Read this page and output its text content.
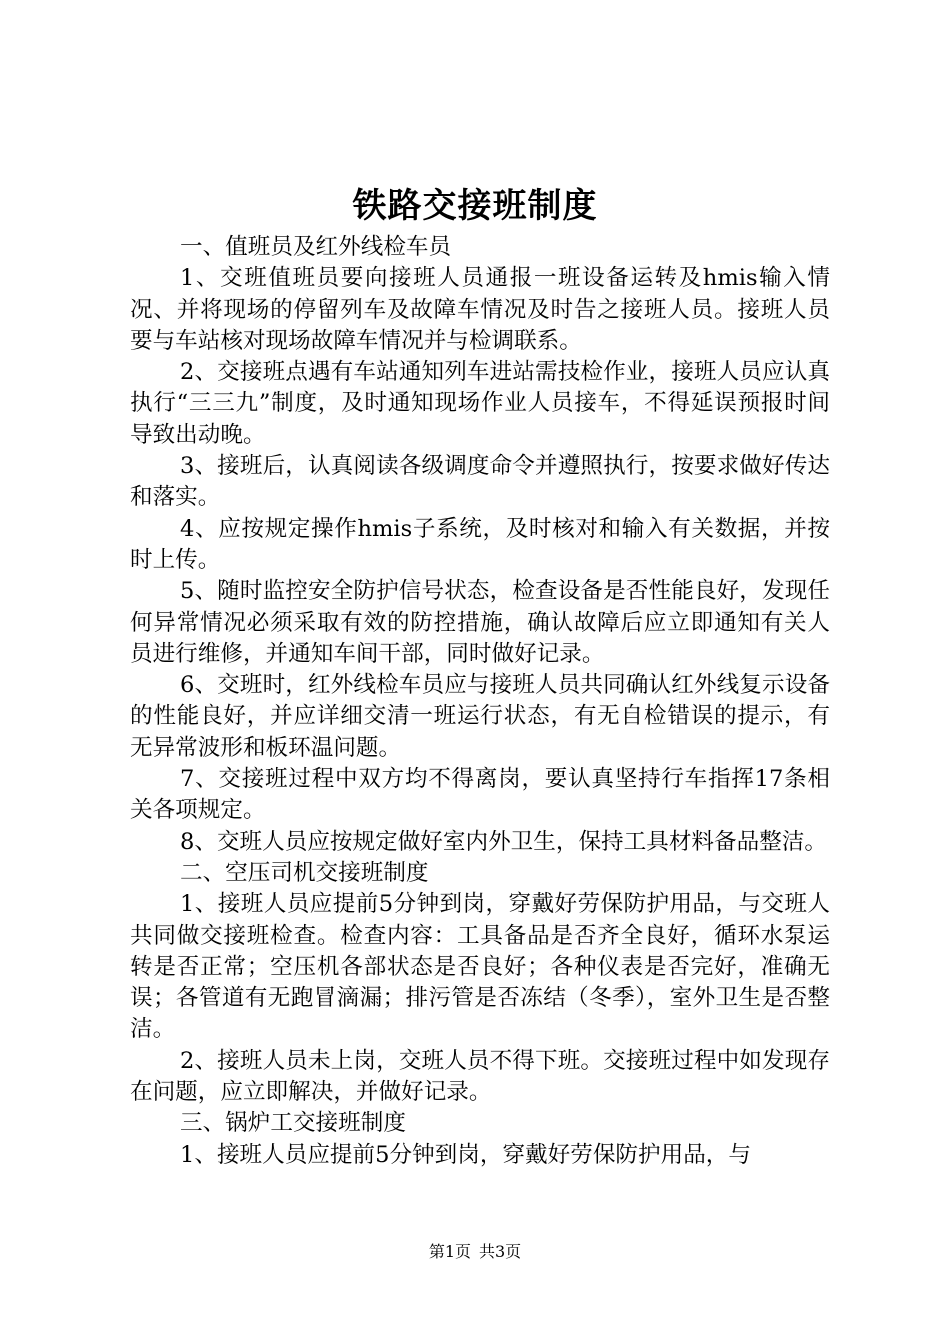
铁路交接班制度

一、值班员及红外线检车员

1、交班值班员要向接班人员通报一班设备运转及hmis输入情况、并将现场的停留列车及故障车情况及时告之接班人员。接班人员要与车站核对现场故障车情况并与检调联系。

2、交接班点遇有车站通知列车进站需技检作业，接班人员应认真执行“三三九”制度，及时通知现场作业人员接车，不得延误预报时间导致出动晚。

3、接班后，认真阅读各级调度命令并遵照执行，按要求做好传达和落实。

4、应按规定操作hmis子系统，及时核对和输入有关数据，并按时上传。

5、随时监控安全防护信号状态，检查设备是否性能良好，发现任何异常情况必须采取有效的防控措施，确认故障后应立即通知有关人员进行维修，并通知车间干部，同时做好记录。

6、交班时，红外线检车员应与接班人员共同确认红外线复示设备的性能良好，并应详细交清一班运行状态，有无自检错误的提示，有无异常波形和板环温问题。

7、交接班过程中双方均不得离岗，要认真坚持行车指挥17条相关各项规定。

8、交班人员应按规定做好室内外卫生，保持工具材料备品整洁。

二、空压司机交接班制度

1、接班人员应提前5分钟到岗，穿戴好劳保防护用品，与交班人共同做交接班检查。检查内容：工具备品是否齐全良好，循环水泵运转是否正常；空压机各部状态是否良好；各种仪表是否完好，准确无误；各管道有无跑冒滴漏；排污管是否冻结（冬季），室外卫生是否整洁。

2、接班人员未上岗，交班人员不得下班。交接班过程中如发现存在问题，应立即解决，并做好记录。

三、锅炉工交接班制度

1、接班人员应提前5分钟到岗，穿戴好劳保防护用品，与

第1页 共3页
